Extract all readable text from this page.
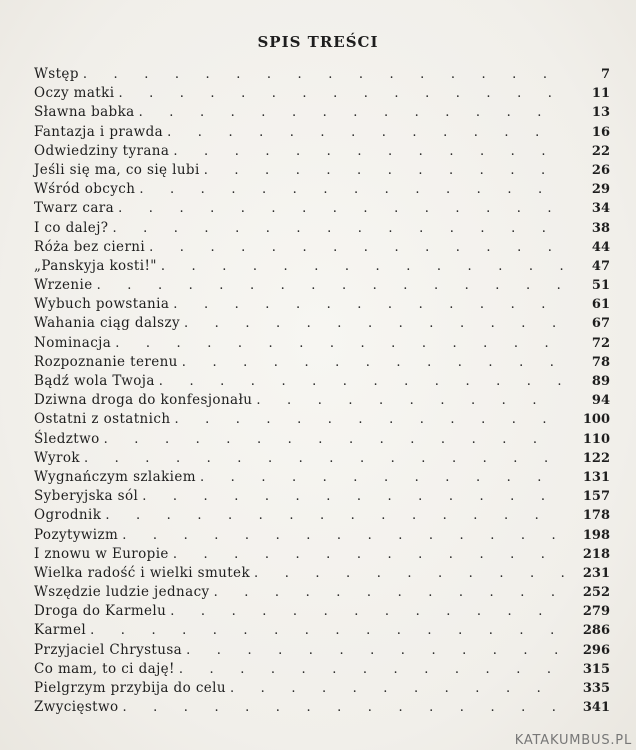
SPIS TREŚCI
Wstęp . . .	7
Oczy matki . . .	11
Sławna babka . . .	13
Fantazja i prawda . . .	16
Odwiedziny tyrana . . .	22
Jeśli się ma, co się lubi . . .	26
Wśród obcych . . .	29
Twarz cara . . .	34
I co dalej? . . .	38
Róża bez cierni . . .	44
„Panskyja kosti!" . . .	47
Wrzenie . . .	51
Wybuch powstania . . .	61
Wahania ciąg dalszy . . .	67
Nominacja . . .	72
Rozpoznanie terenu . . .	78
Bądź wola Twoja . . .	89
Dziwna droga do konfesjonału . . .	94
Ostatni z ostatnich . . .	100
Śledztwo . . .	110
Wyrok . . .	122
Wygnańczym szlakiem . . .	131
Syberyjska sól . . .	157
Ogrodnik . . .	178
Pozytywizm . . .	198
I znowu w Europie . . .	218
Wielka radość i wielki smutek . . .	231
Wszędzie ludzie jednacy . . .	252
Droga do Karmelu . . .	279
Karmel . . .	286
Przyjaciel Chrystusa . . .	296
Co mam, to ci daję! . . .	315
Pielgrzym przybija do celu . . .	335
Zwycięstwo . . .	341
KATAKUMBUS.PL
